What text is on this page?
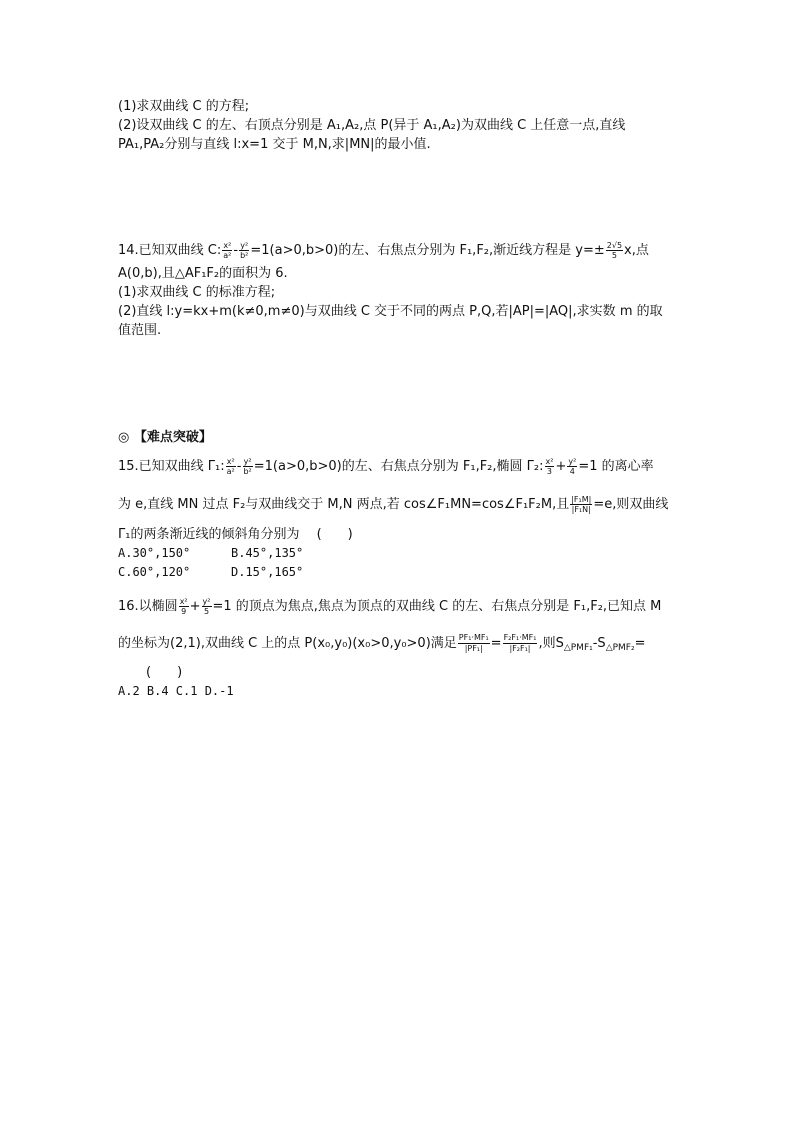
(1)求双曲线 C 的方程;
(2)设双曲线 C 的左、右顶点分别是 A₁,A₂,点 P(异于 A₁,A₂)为双曲线 C 上任意一点,直线
PA₁,PA₂分别与直线 l:x=1 交于 M,N,求|MN|的最小值.
14.已知双曲线 C: $\frac{\text{x²}}{\text{a²}} - \frac{\text{y²}}{\text{b²}} =1(a>0,b>0)$的左、右焦点分别为 F₁,F₂,渐近线方程是 $y=\pm \frac{2√5}{5} x$,点
A(0,b),且△AF₁F₂的面积为 6.
(1)求双曲线 C 的标准方程;
(2)直线 l:y=kx+m(k≠0,m≠0)与双曲线 C 交于不同的两点 P,Q,若|AP|=|AQ|,求实数 m 的取
值范围.
◎ 【难点突破】
15.已知双曲线 Γ₁: $\frac{\text{x²}}{\text{a²}} - \frac{\text{y²}}{\text{b²}} =1(a>0,b>0)$的左、右焦点分别为 F₁,F₂,椭圆 Γ₂: $\frac{\text{x²}}{3} + \frac{\text{y²}}{4} =1$ 的离心率
为 e,直线 MN 过点 F₂与双曲线交于 M,N 两点,若 cos∠F₁MN=cos∠F₁F₂M,且 $\frac{\text{|F₁M|}}{\text{|F₁N|}} =e$,则双曲线
Γ₁的两条渐近线的倾斜角分别为　 (　　)
A.30°,150°	B.45°,135°
C.60°,120°	D.15°,165°
16.以椭圆 $\frac{\text{x²}}{9} + \frac{\text{y²}}{5} =1$ 的顶点为焦点,焦点为顶点的双曲线 C 的左、右焦点分别是 F₁,F₂,已知点 M
的坐标为(2,1),双曲线 C 上的点 P(x₀,y₀)(x₀>0,y₀>0)满足 $\frac{\text{PF₁·MF₁}}{\text{|PF₁|}} = \frac{\text{F₂F₁·MF₁}}{\text{|F₂F₁|}}$ ,则$S_{\triangle PMF_1}-S_{\triangle PMF_2}=$
(　　)
A.2 B.4 C.1 D.-1
